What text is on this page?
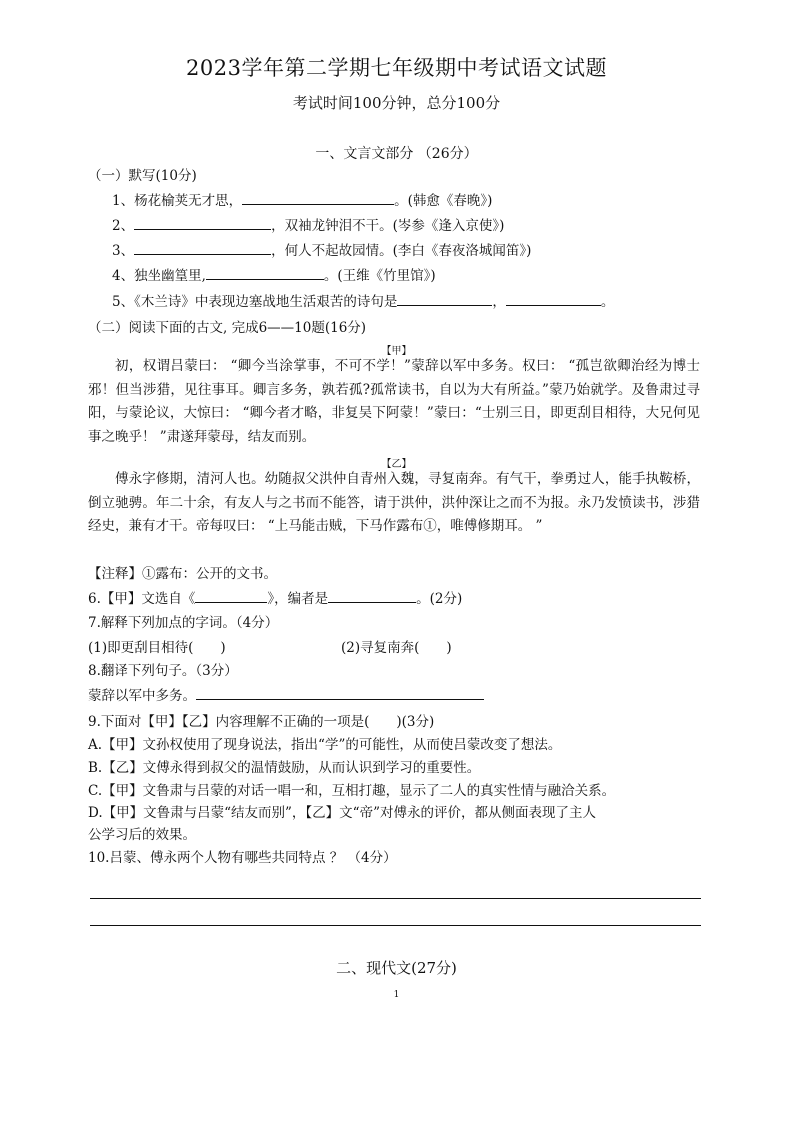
2023学年第二学期七年级期中考试语文试题
考试时间100分钟，总分100分
一、文言文部分 （26分）
（一）默写(10分)
1、杨花榆荚无才思，	。(韩愈《春晚》)
2、	，双袖龙钟泪不干。(岑参《逢入京使》)
3、	，何人不起故园情。(李白《春夜洛城闻笛》)
4、独坐幽篁里,	。(王维《竹里馆》)
5、《木兰诗》中表现边塞战地生活艰苦的诗句是	，	。
（二）阅读下面的古文, 完成6——10题(16分)
【甲】
初，权谓吕蒙曰： “卿今当涂掌事，不可不学！”蒙辞以军中多务。权曰： “孤岂欲卿治经为博士邪！但当涉猎，见往事耳。卿言多务，孰若孤?孤常读书，自以为大有所益。”蒙乃始就学。及鲁肃过寻阳，与蒙论议，大惊曰： “卿今者才略，非复吴下阿蒙！”蒙曰：“士别三日，即更刮目相待，大兄何见事之晚乎！ ”肃遂拜蒙母，结友而别。
【乙】
傅永字修期，清河人也。幼随叔父洪仲自青州入魏，寻复南奔。有气干，拳勇过人，能手执鞍桥，倒立驰骋。年二十余，有友人与之书而不能答，请于洪仲，洪仲深让之而不为报。永乃发愤读书，涉猎经史，兼有才干。帝每叹曰： “上马能击贼，下马作露布①，唯傅修期耳。 ”
【注释】①露布：公开的文书。
6.【甲】文选自《	》，编者是	。(2分)
7.解释下列加点的字词。（4分）
(1)即更刮目相待(　　)	(2)寻复南奔(　　)
8.翻译下列句子。（3分）
蒙辞以军中多务。
9.下面对【甲】【乙】内容理解不正确的一项是(　　)(3分)
A.【甲】文孙权使用了现身说法，指出“学”的可能性，从而使吕蒙改变了想法。
B.【乙】文傅永得到叔父的温情鼓励，从而认识到学习的重要性。
C.【甲】文鲁肃与吕蒙的对话一唱一和，互相打趣，显示了二人的真实性情与融洽关系。
D.【甲】文鲁肃与吕蒙“结友而别”，【乙】文“帝”对傅永的评价，都从侧面表现了主人
公学习后的效果。
10.吕蒙、傅永两个人物有哪些共同特点 ？ （4分）
二、现代文(27分)
1
